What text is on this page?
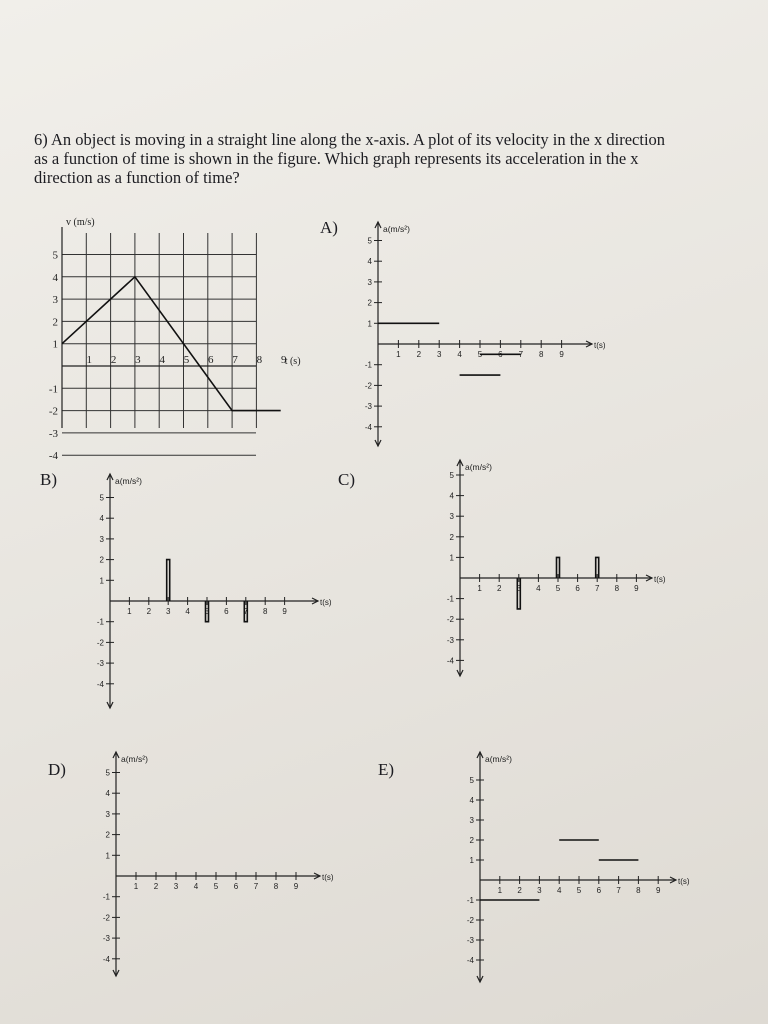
6) An object is moving in a straight line along the x-axis. A plot of its velocity in the x direction
as a function of time is shown in the figure. Which graph represents its acceleration in the x
direction as a function of time?

A)
B)	C)
D)	E)
5
4
3
2
1
-1
-2
-3
-4
1 2 3 4 5 6 7 8 9
v (m/s)
t (s)
5
4
3
2
1
-1
-2
-3
-4
1 2 3 4 5 6 7 8 9
t(s)
a(m/s²)
5
4
3
2
1
-1
-2
-3
-4
1 2 3 4 5 6 7 8 9
t(s)
a(m/s²)
5
4
3
2
1
-1
-2
-3
-4
1 2 3 4 5 6 7 8 9
t(s)
a(m/s²)
5
4
3
2
1
-1
-2
-3
-4
1 2 3 4 5 6 7 8 9
t(s)
a(m/s²)
5
4
3
2
1
-1
-2
-3
-4
1 2 3 4 5 6 7 8 9
t(s)
a(m/s²)
